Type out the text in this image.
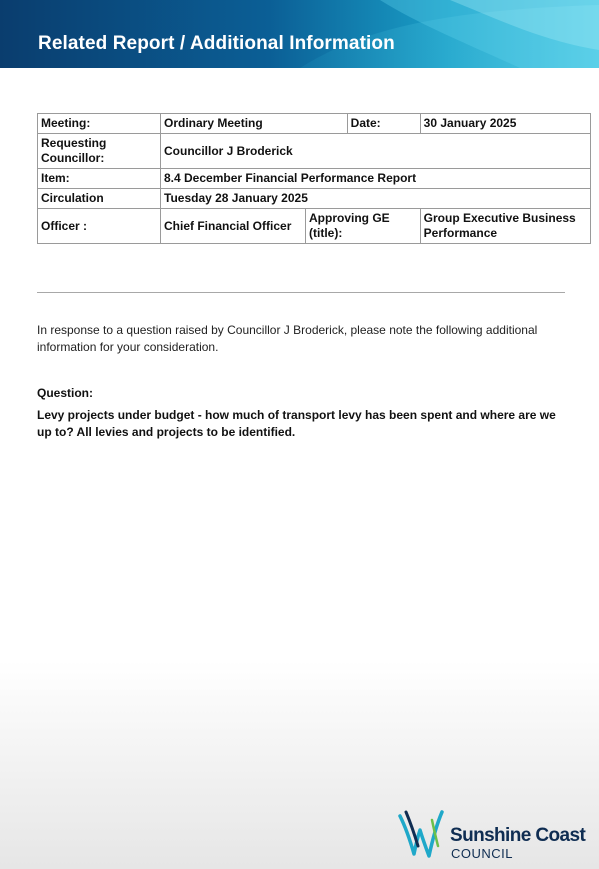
Related Report / Additional Information
Meeting:	Ordinary Meeting		Date:	30 January 2025
Requesting Councillor:	Councillor J Broderick			
Item:	8.4 December Financial Performance Report			
Circulation	Tuesday 28 January 2025			
Officer :	Chief Financial Officer	Approving GE (title):		Group Executive Business Performance
In response to a question raised by Councillor J Broderick, please note the following additional information for your consideration.
Question:
Levy projects under budget - how much of transport levy has been spent and where are we up to? All levies and projects to be identified.
Sunshine Coast
COUNCIL
